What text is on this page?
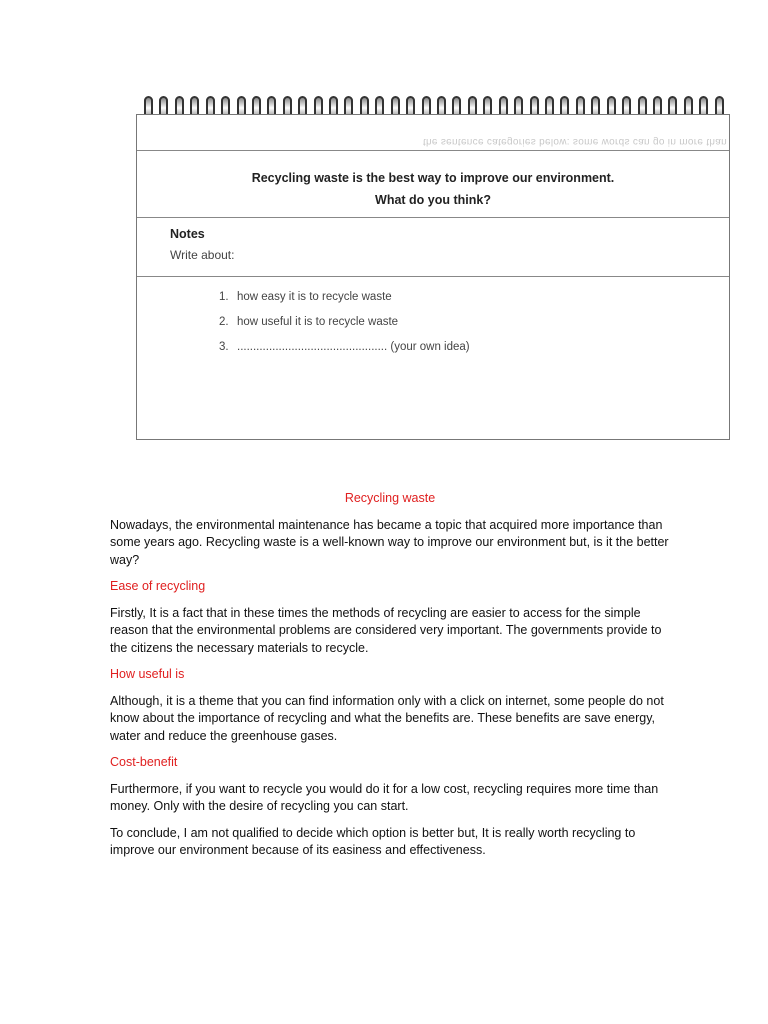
the sentence categories below: some words can go in more than
Recycling waste is the best way to improve our environment.
What do you think?
Notes
Write about:
1. how easy it is to recycle waste
2. how useful it is to recycle waste
3. ............................................... (your own idea)
Recycling waste

Nowadays, the environmental maintenance has became a topic that acquired more importance than some years ago. Recycling waste is a well-known way to improve our environment but, is it the better way?

Ease of recycling

Firstly, It is a fact that in these times the methods of recycling are easier to access for the simple reason that the environmental problems are considered very important. The governments provide to the citizens the necessary materials to recycle.

How useful is

Although, it is a theme that you can find information only with a click on internet, some people do not know about the importance of recycling and what the benefits are. These benefits are save energy, water and reduce the greenhouse gases.

Cost-benefit

Furthermore, if you want to recycle you would do it for a low cost, recycling requires more time than money. Only with the desire of recycling you can start.

To conclude, I am not qualified to decide which option is better but, It is really worth recycling to improve our environment because of its easiness and effectiveness.
